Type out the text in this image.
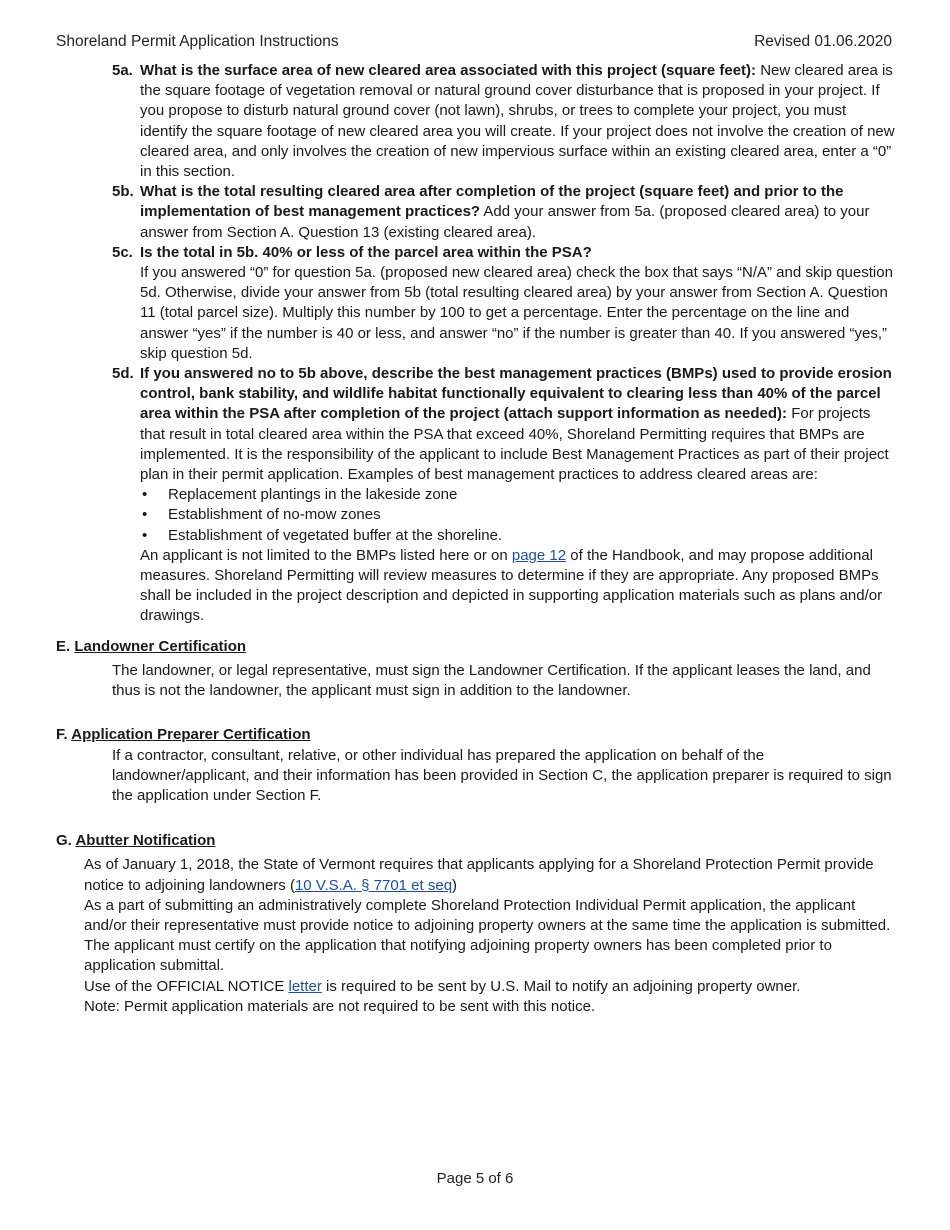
Shoreland Permit Application Instructions	Revised 01.06.2020
5a. What is the surface area of new cleared area associated with this project (square feet): New cleared area is the square footage of vegetation removal or natural ground cover disturbance that is proposed in your project. If you propose to disturb natural ground cover (not lawn), shrubs, or trees to complete your project, you must identify the square footage of new cleared area you will create. If your project does not involve the creation of new cleared area, and only involves the creation of new impervious surface within an existing cleared area, enter a “0” in this section.

5b. What is the total resulting cleared area after completion of the project (square feet) and prior to the implementation of best management practices? Add your answer from 5a. (proposed cleared area) to your answer from Section A. Question 13 (existing cleared area).

5c. Is the total in 5b. 40% or less of the parcel area within the PSA?

If you answered “0” for question 5a. (proposed new cleared area) check the box that says “N/A” and skip question 5d. Otherwise, divide your answer from 5b (total resulting cleared area) by your answer from Section A. Question 11 (total parcel size). Multiply this number by 100 to get a percentage. Enter the percentage on the line and answer “yes” if the number is 40 or less, and answer “no” if the number is greater than 40. If you answered “yes,” skip question 5d.

5d. If you answered no to 5b above, describe the best management practices (BMPs) used to provide erosion control, bank stability, and wildlife habitat functionally equivalent to clearing less than 40% of the parcel area within the PSA after completion of the project (attach support information as needed): For projects that result in total cleared area within the PSA that exceed 40%, Shoreland Permitting requires that BMPs are implemented. It is the responsibility of the applicant to include Best Management Practices as part of their project plan in their permit application. Examples of best management practices to address cleared areas are:

• Replacement plantings in the lakeside zone
• Establishment of no-mow zones
• Establishment of vegetated buffer at the shoreline.

An applicant is not limited to the BMPs listed here or on page 12 of the Handbook, and may propose additional measures. Shoreland Permitting will review measures to determine if they are appropriate. Any proposed BMPs shall be included in the project description and depicted in supporting application materials such as plans and/or drawings.

E. Landowner Certification

The landowner, or legal representative, must sign the Landowner Certification. If the applicant leases the land, and thus is not the landowner, the applicant must sign in addition to the landowner.

F. Application Preparer Certification

If a contractor, consultant, relative, or other individual has prepared the application on behalf of the landowner/applicant, and their information has been provided in Section C, the application preparer is required to sign the application under Section F.

G. Abutter Notification

As of January 1, 2018, the State of Vermont requires that applicants applying for a Shoreland Protection Permit provide notice to adjoining landowners (10 V.S.A. § 7701 et seq)

As a part of submitting an administratively complete Shoreland Protection Individual Permit application, the applicant and/or their representative must provide notice to adjoining property owners at the same time the application is submitted. The applicant must certify on the application that notifying adjoining property owners has been completed prior to application submittal.

Use of the OFFICIAL NOTICE letter is required to be sent by U.S. Mail to notify an adjoining property owner.

Note: Permit application materials are not required to be sent with this notice.

Page 5 of 6
